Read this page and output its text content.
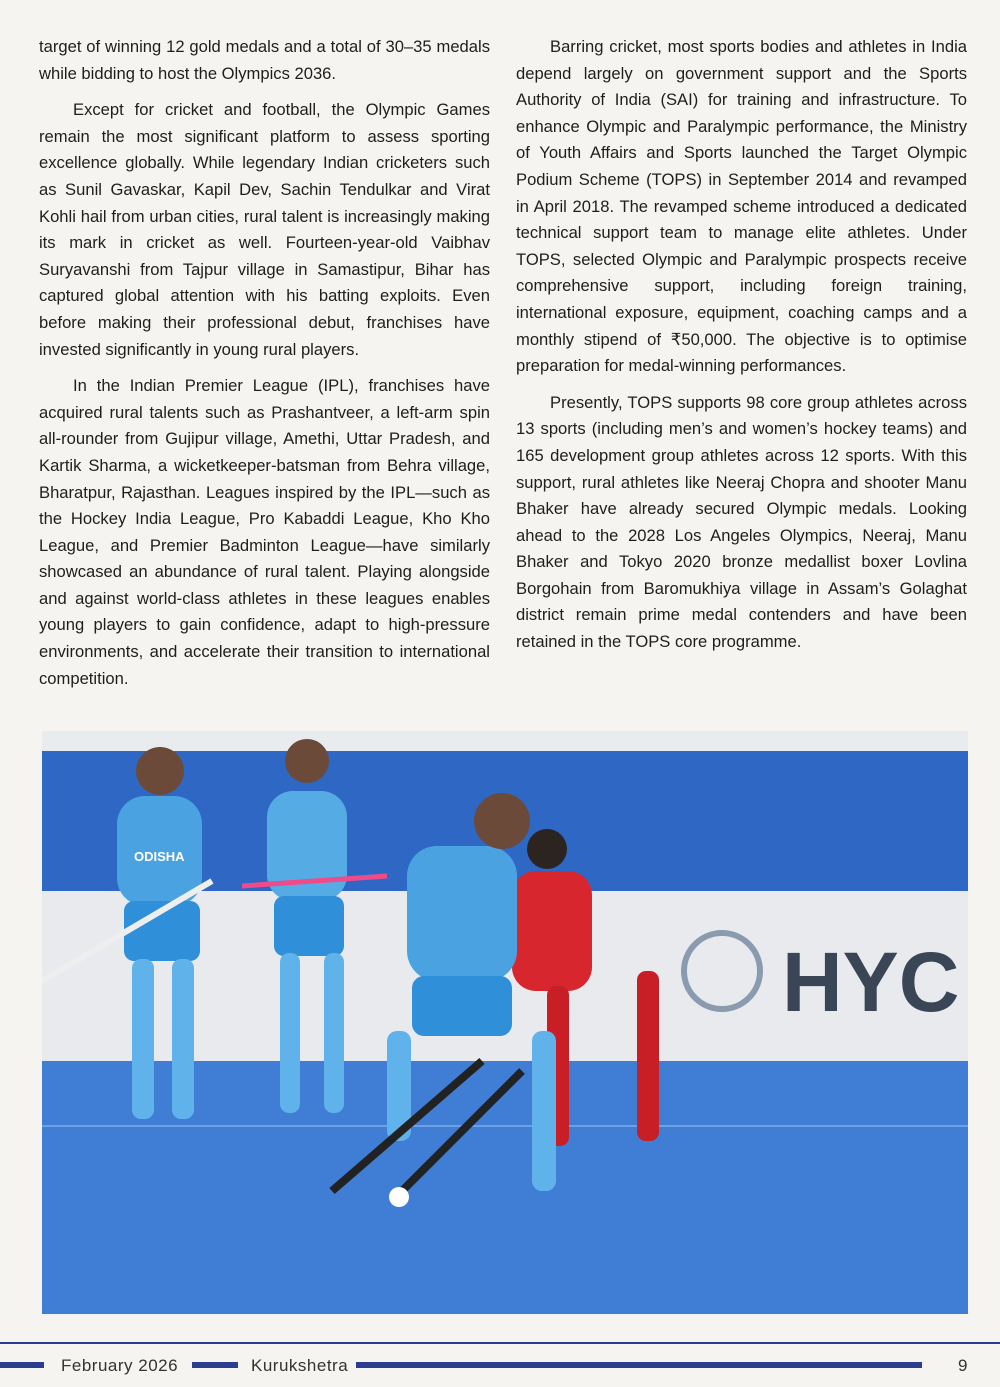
target of winning 12 gold medals and a total of 30–35 medals while bidding to host the Olympics 2036.

Except for cricket and football, the Olympic Games remain the most significant platform to assess sporting excellence globally. While legendary Indian cricketers such as Sunil Gavaskar, Kapil Dev, Sachin Tendulkar and Virat Kohli hail from urban cities, rural talent is increasingly making its mark in cricket as well. Fourteen-year-old Vaibhav Suryavanshi from Tajpur village in Samastipur, Bihar has captured global attention with his batting exploits. Even before making their professional debut, franchises have invested significantly in young rural players.

In the Indian Premier League (IPL), franchises have acquired rural talents such as Prashantveer, a left-arm spin all-rounder from Gujipur village, Amethi, Uttar Pradesh, and Kartik Sharma, a wicketkeeper-batsman from Behra village, Bharatpur, Rajasthan. Leagues inspired by the IPL—such as the Hockey India League, Pro Kabaddi League, Kho Kho League, and Premier Badminton League—have similarly showcased an abundance of rural talent. Playing alongside and against world-class athletes in these leagues enables young players to gain confidence, adapt to high-pressure environments, and accelerate their transition to international competition.

Barring cricket, most sports bodies and athletes in India depend largely on government support and the Sports Authority of India (SAI) for training and infrastructure. To enhance Olympic and Paralympic performance, the Ministry of Youth Affairs and Sports launched the Target Olympic Podium Scheme (TOPS) in September 2014 and revamped in April 2018. The revamped scheme introduced a dedicated technical support team to manage elite athletes. Under TOPS, selected Olympic and Paralympic prospects receive comprehensive support, including foreign training, international exposure, equipment, coaching camps and a monthly stipend of ₹50,000. The objective is to optimise preparation for medal-winning performances.

Presently, TOPS supports 98 core group athletes across 13 sports (including men’s and women’s hockey teams) and 165 development group athletes across 12 sports. With this support, rural athletes like Neeraj Chopra and shooter Manu Bhaker have already secured Olympic medals. Looking ahead to the 2028 Los Angeles Olympics, Neeraj, Manu Bhaker and Tokyo 2020 bronze medallist boxer Lovlina Borgohain from Baromukhiya village in Assam’s Golaghat district remain prime medal contenders and have been retained in the TOPS core programme.

HYC
ODISHA
February 2026	Kurukshetra	9
